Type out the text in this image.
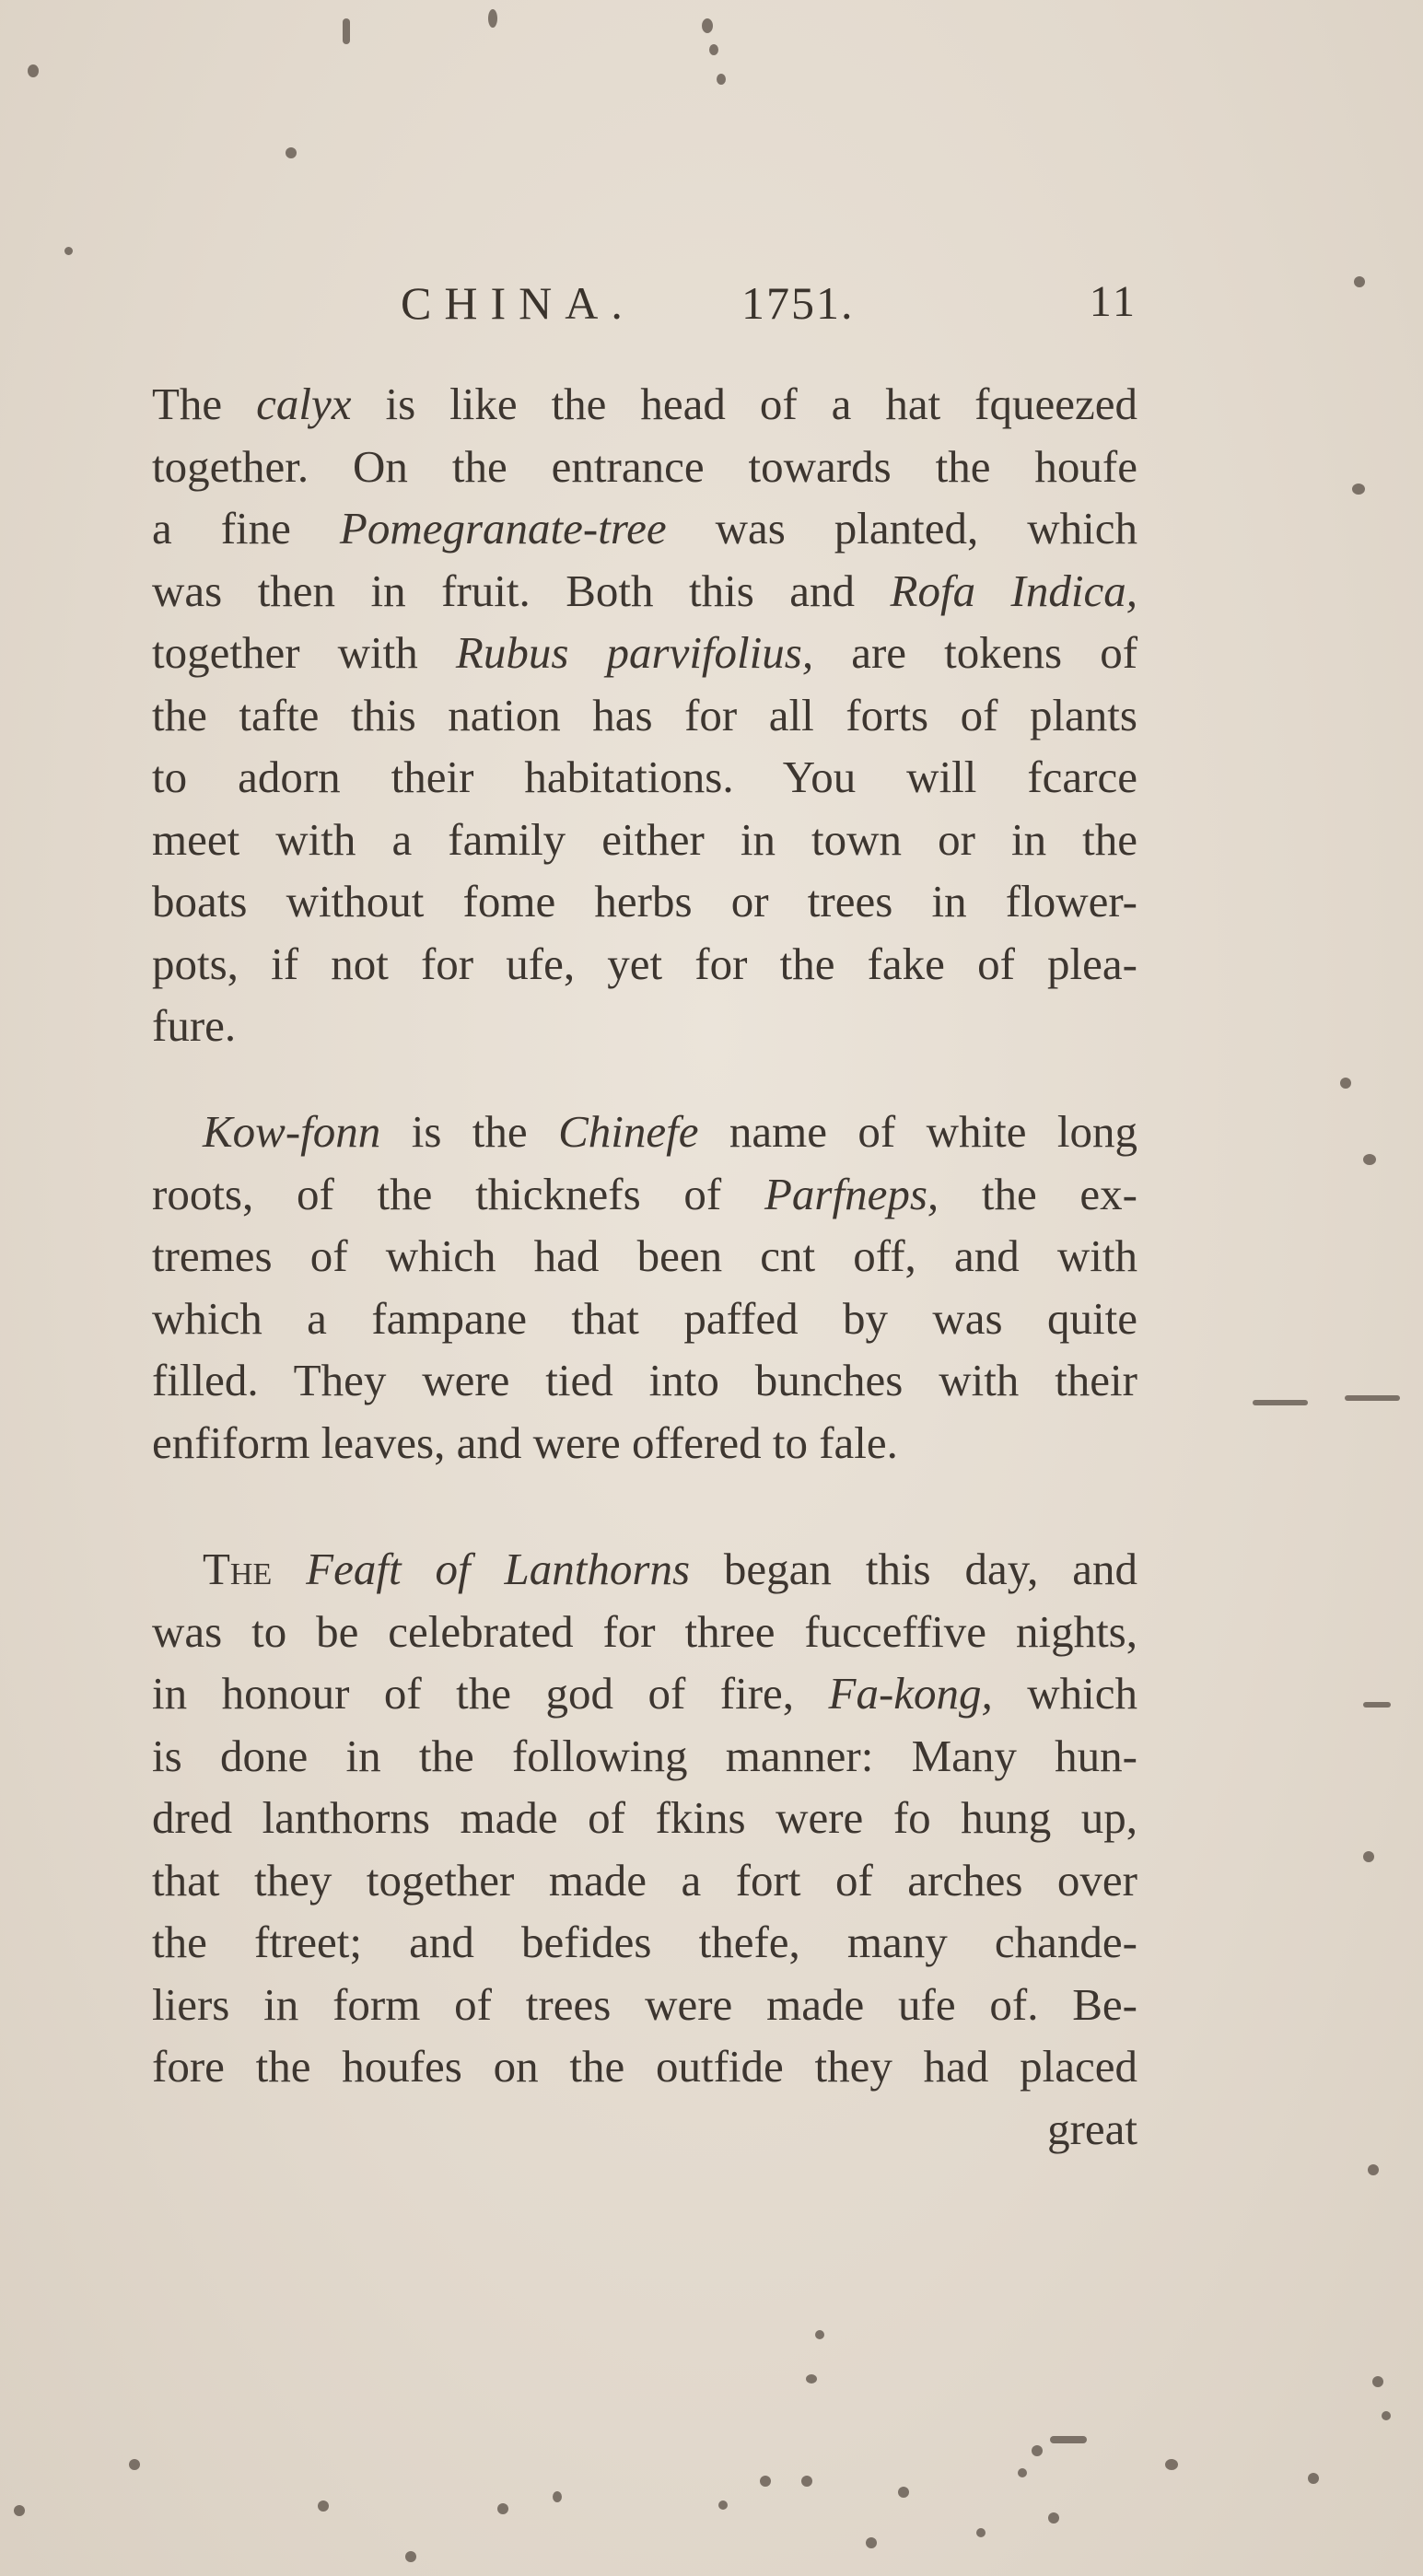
CHINA. 1751.	11
The calyx is like the head of a hat fqueezed
together. On the entrance towards the houfe
a fine Pomegranate-tree was planted, which
was then in fruit. Both this and Rofa Indica,
together with Rubus parvifolius, are tokens of
the tafte this nation has for all forts of plants
to adorn their habitations. You will fcarce
meet with a family either in town or in the
boats without fome herbs or trees in flower-
pots, if not for ufe, yet for the fake of plea-
fure.
Kow-fonn is the Chinefe name of white long
roots, of the thicknefs of Parfneps, the ex-
tremes of which had been cnt off, and with
which a fampane that paffed by was quite
filled. They were tied into bunches with their
enfiform leaves, and were offered to fale.
The Feaft of Lanthorns began this day, and
was to be celebrated for three fucceffive nights,
in honour of the god of fire, Fa-kong, which
is done in the following manner: Many hun-
dred lanthorns made of fkins were fo hung up,
that they together made a fort of arches over
the ftreet; and befides thefe, many chande-
liers in form of trees were made ufe of. Be-
fore the houfes on the outfide they had placed
great
